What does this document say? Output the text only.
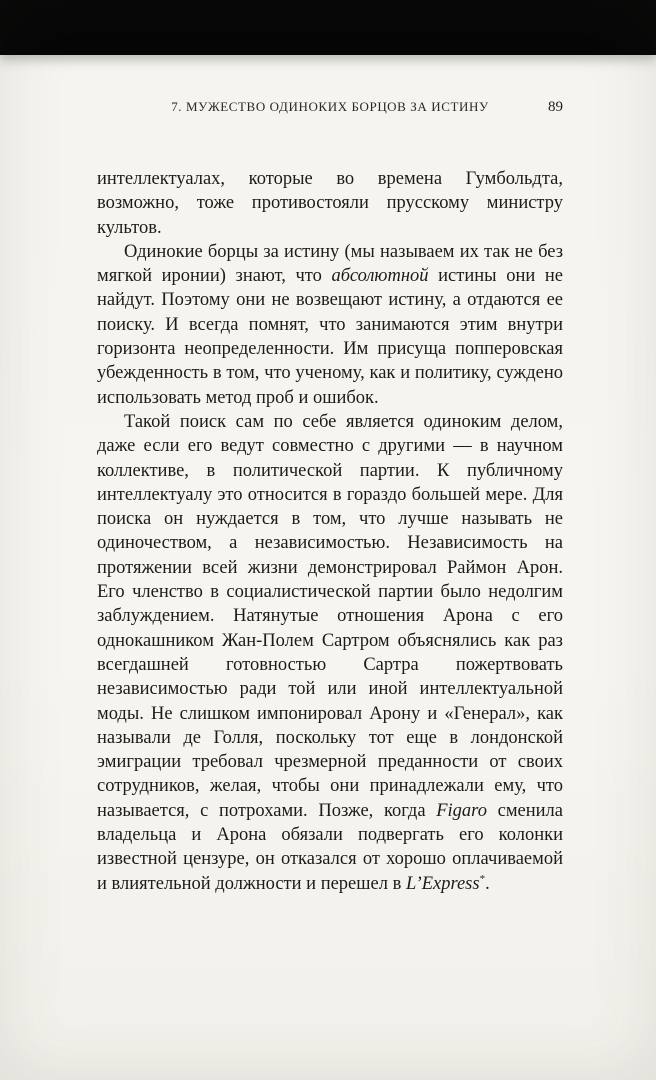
7. МУЖЕСТВО ОДИНОКИХ БОРЦОВ ЗА ИСТИНУ	89

интеллектуалах, которые во времена Гумбольдта, возможно, тоже противостояли прусскому министру культов.

Одинокие борцы за истину (мы называем их так не без мягкой иронии) знают, что абсолютной истины они не найдут. Поэтому они не возвещают истину, а отдаются ее поиску. И всегда помнят, что занимаются этим внутри горизонта неопределенности. Им присуща попперовская убежденность в том, что ученому, как и политику, суждено использовать метод проб и ошибок.

Такой поиск сам по себе является одиноким делом, даже если его ведут совместно с другими — в научном коллективе, в политической партии. К публичному интеллектуалу это относится в гораздо большей мере. Для поиска он нуждается в том, что лучше называть не одиночеством, а независимостью. Независимость на протяжении всей жизни демонстрировал Раймон Арон. Его членство в социалистической партии было недолгим заблуждением. Натянутые отношения Арона с его однокашником Жан-Полем Сартром объяснялись как раз всегдашней готовностью Сартра пожертвовать независимостью ради той или иной интеллектуальной моды. Не слишком импонировал Арону и «Генерал», как называли де Голля, поскольку тот еще в лондонской эмиграции требовал чрезмерной преданности от своих сотрудников, желая, чтобы они принадлежали ему, что называется, с потрохами. Позже, когда Figaro сменила владельца и Арона обязали подвергать его колонки известной цензуре, он отказался от хорошо оплачиваемой и влиятельной должности и перешел в L’Express*.
